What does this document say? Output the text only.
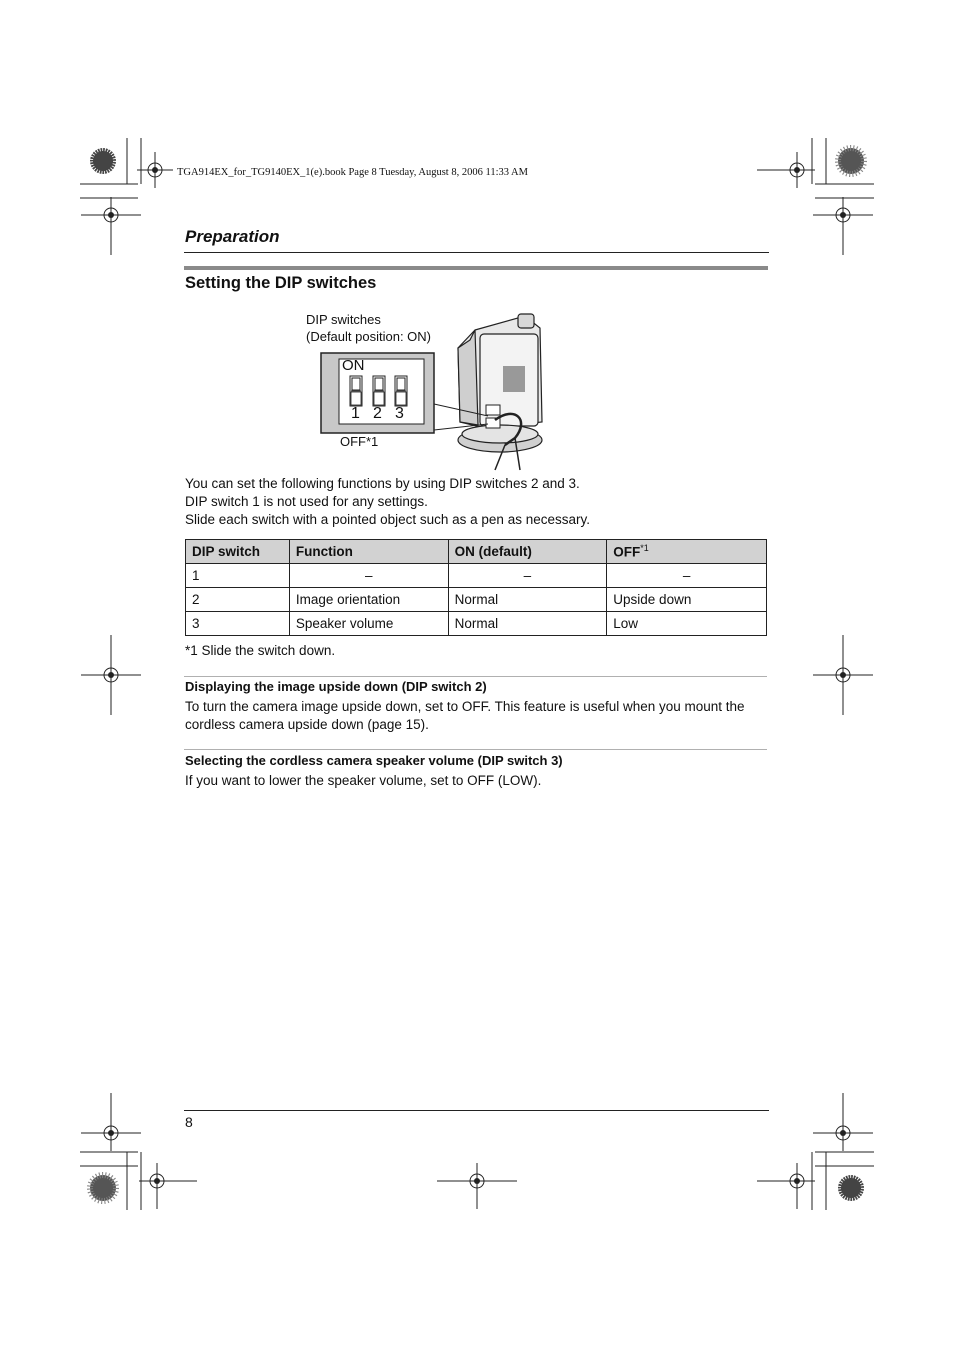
TGA914EX_for_TG9140EX_1(e).book Page 8 Tuesday, August 8, 2006 11:33 AM
Preparation
Setting the DIP switches
DIP switches
(Default position: ON)
ON
1 2 3
OFF*1
You can set the following functions by using DIP switches 2 and 3.
DIP switch 1 is not used for any settings.
Slide each switch with a pointed object such as a pen as necessary.
DIP switch	Function	ON (default)	OFF$^{*1}$
1	–	–	–
2	Image orientation	Normal	Upside down
3	Speaker volume	Normal	Low
*1 Slide the switch down.
Displaying the image upside down (DIP switch 2)
To turn the camera image upside down, set to OFF. This feature is useful when you mount the
cordless camera upside down (page 15).
Selecting the cordless camera speaker volume (DIP switch 3)
If you want to lower the speaker volume, set to OFF (LOW).
8
